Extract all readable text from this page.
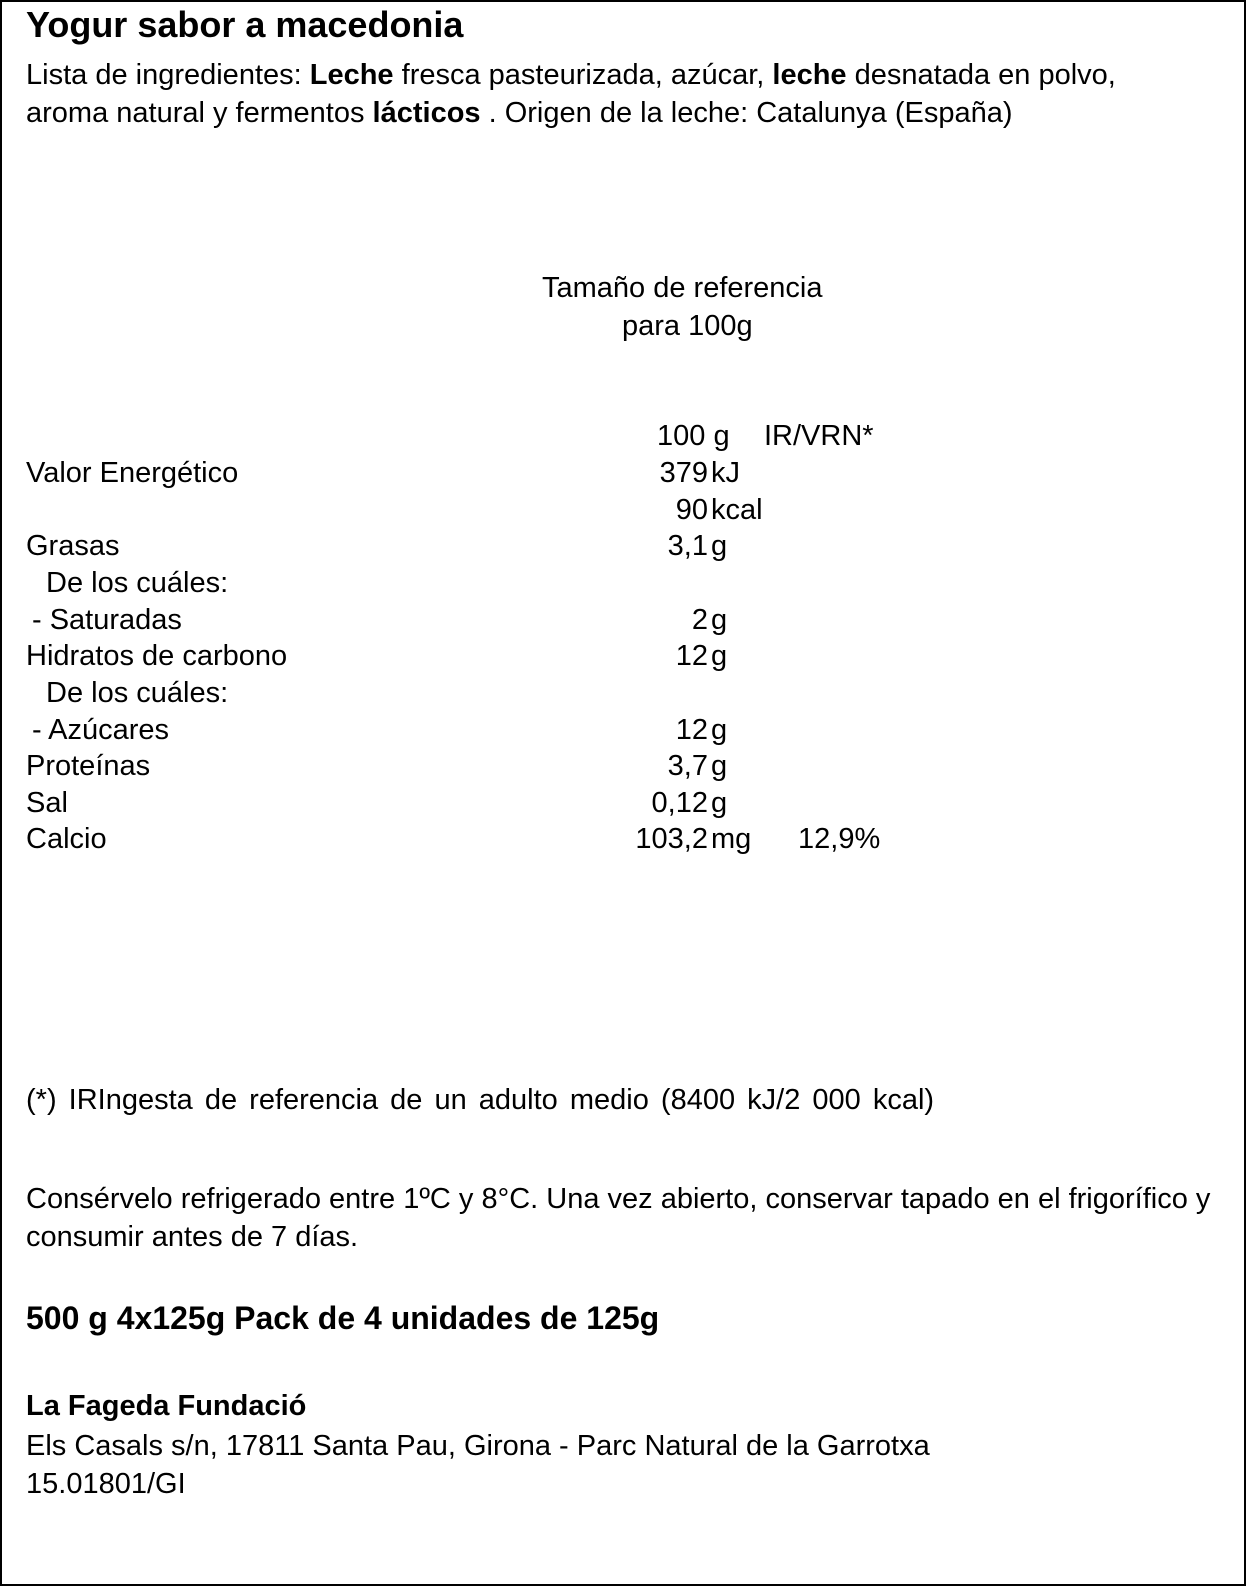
Yogur sabor a macedonia
Lista de ingredientes: Leche fresca pasteurizada, azúcar, leche desnatada en polvo, aroma natural y fermentos lácticos . Origen de la leche: Catalunya (España)
Tamaño de referencia
para 100g
100 g IR/VRN*
Valor Energético	379 kJ
90 kcal
Grasas	3,1 g
De los cuáles:
- Saturadas	2 g
Hidratos de carbono	12 g
De los cuáles:
- Azúcares	12 g
Proteínas	3,7 g
Sal	0,12 g
Calcio	103,2 mg 12,9%
(*) IRIngesta de referencia de un adulto medio (8400 kJ/2 000 kcal)
Consérvelo refrigerado entre 1ºC y 8°C. Una vez abierto, conservar tapado en el frigorífico y consumir antes de 7 días.
500 g 4x125g Pack de 4 unidades de 125g
La Fageda Fundació
Els Casals s/n, 17811 Santa Pau, Girona - Parc Natural de la Garrotxa
15.01801/GI
